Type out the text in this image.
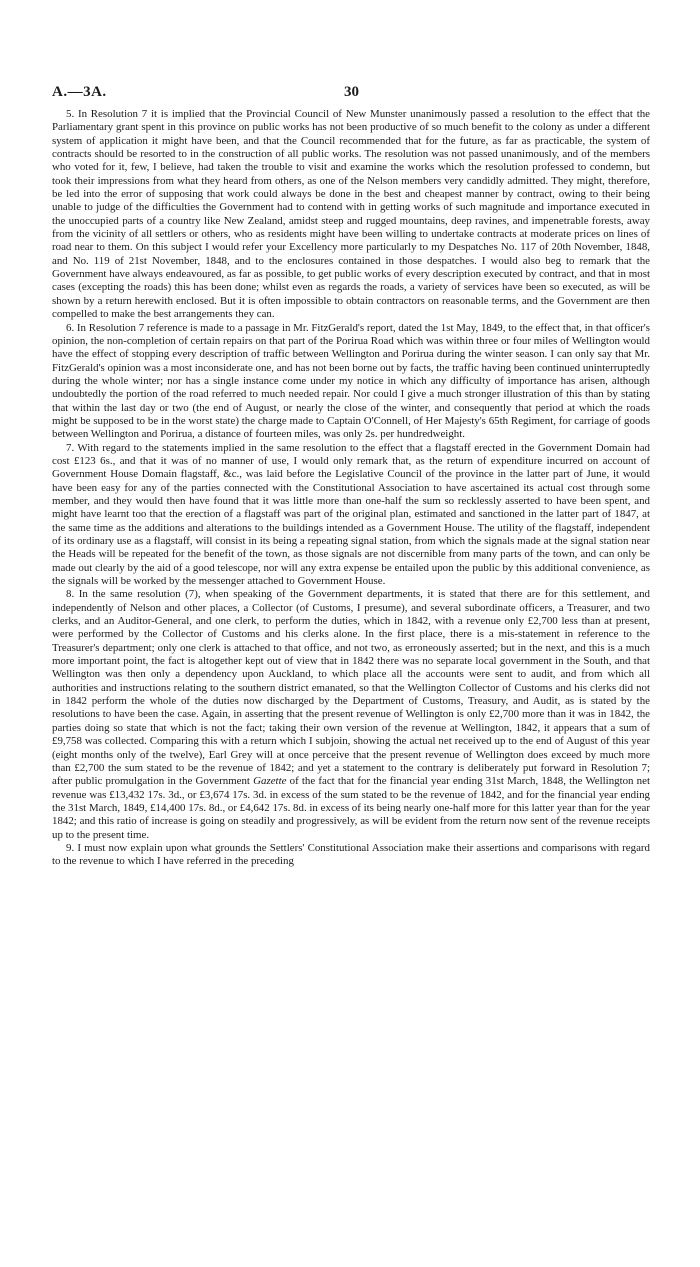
A.—3A.	30

5. In Resolution 7 it is implied that the Provincial Council of New Munster unanimously passed a resolution to the effect that the Parliamentary grant spent in this province on public works has not been productive of so much benefit to the colony as under a different system of application it might have been, and that the Council recommended that for the future, as far as practicable, the system of contracts should be resorted to in the construction of all public works. The resolution was not passed unanimously, and of the members who voted for it, few, I believe, had taken the trouble to visit and examine the works which the resolution professed to condemn, but took their impressions from what they heard from others, as one of the Nelson members very candidly admitted. They might, therefore, be led into the error of supposing that work could always be done in the best and cheapest manner by contract, owing to their being unable to judge of the difficulties the Government had to contend with in getting works of such magnitude and importance executed in the unoccupied parts of a country like New Zealand, amidst steep and rugged mountains, deep ravines, and impenetrable forests, away from the vicinity of all settlers or others, who as residents might have been willing to undertake contracts at moderate prices on lines of road near to them. On this subject I would refer your Excellency more particularly to my Despatches No. 117 of 20th November, 1848, and No. 119 of 21st November, 1848, and to the enclosures contained in those despatches. I would also beg to remark that the Government have always endeavoured, as far as possible, to get public works of every description executed by contract, and that in most cases (excepting the roads) this has been done; whilst even as regards the roads, a variety of services have been so executed, as will be shown by a return herewith enclosed. But it is often impossible to obtain contractors on reasonable terms, and the Government are then compelled to make the best arrangements they can.

6. In Resolution 7 reference is made to a passage in Mr. FitzGerald's report, dated the 1st May, 1849, to the effect that, in that officer's opinion, the non-completion of certain repairs on that part of the Porirua Road which was within three or four miles of Wellington would have the effect of stopping every description of traffic between Wellington and Porirua during the winter season. I can only say that Mr. FitzGerald's opinion was a most inconsiderate one, and has not been borne out by facts, the traffic having been continued uninterruptedly during the whole winter; nor has a single instance come under my notice in which any difficulty of importance has arisen, although undoubtedly the portion of the road referred to much needed repair. Nor could I give a much stronger illustration of this than by stating that within the last day or two (the end of August, or nearly the close of the winter, and consequently that period at which the roads might be supposed to be in the worst state) the charge made to Captain O'Connell, of Her Majesty's 65th Regiment, for carriage of goods between Wellington and Porirua, a distance of fourteen miles, was only 2s. per hundredweight.

7. With regard to the statements implied in the same resolution to the effect that a flagstaff erected in the Government Domain had cost £123 6s., and that it was of no manner of use, I would only remark that, as the return of expenditure incurred on account of Government House Domain flagstaff, &c., was laid before the Legislative Council of the province in the latter part of June, it would have been easy for any of the parties connected with the Constitutional Association to have ascertained its actual cost through some member, and they would then have found that it was little more than one-half the sum so recklessly asserted to have been spent, and might have learnt too that the erection of a flagstaff was part of the original plan, estimated and sanctioned in the latter part of 1847, at the same time as the additions and alterations to the buildings intended as a Government House. The utility of the flagstaff, independent of its ordinary use as a flagstaff, will consist in its being a repeating signal station, from which the signals made at the signal station near the Heads will be repeated for the benefit of the town, as those signals are not discernible from many parts of the town, and can only be made out clearly by the aid of a good telescope, nor will any extra expense be entailed upon the public by this additional convenience, as the signals will be worked by the messenger attached to Government House.

8. In the same resolution (7), when speaking of the Government departments, it is stated that there are for this settlement, and independently of Nelson and other places, a Collector (of Customs, I presume), and several subordinate officers, a Treasurer, and two clerks, and an Auditor-General, and one clerk, to perform the duties, which in 1842, with a revenue only £2,700 less than at present, were performed by the Collector of Customs and his clerks alone. In the first place, there is a mis-statement in reference to the Treasurer's department; only one clerk is attached to that office, and not two, as erroneously asserted; but in the next, and this is a much more important point, the fact is altogether kept out of view that in 1842 there was no separate local government in the South, and that Wellington was then only a dependency upon Auckland, to which place all the accounts were sent to audit, and from which all authorities and instructions relating to the southern district emanated, so that the Wellington Collector of Customs and his clerks did not in 1842 perform the whole of the duties now discharged by the Department of Customs, Treasury, and Audit, as is stated by the resolutions to have been the case. Again, in asserting that the present revenue of Wellington is only £2,700 more than it was in 1842, the parties doing so state that which is not the fact; taking their own version of the revenue at Wellington, 1842, it appears that a sum of £9,758 was collected. Comparing this with a return which I subjoin, showing the actual net received up to the end of August of this year (eight months only of the twelve), Earl Grey will at once perceive that the present revenue of Wellington does exceed by much more than £2,700 the sum stated to be the revenue of 1842; and yet a statement to the contrary is deliberately put forward in Resolution 7; after public promulgation in the Government Gazette of the fact that for the financial year ending 31st March, 1848, the Wellington net revenue was £13,432 17s. 3d., or £3,674 17s. 3d. in excess of the sum stated to be the revenue of 1842, and for the financial year ending the 31st March, 1849, £14,400 17s. 8d., or £4,642 17s. 8d. in excess of its being nearly one-half more for this latter year than for the year 1842; and this ratio of increase is going on steadily and progressively, as will be evident from the return now sent of the revenue receipts up to the present time.

9. I must now explain upon what grounds the Settlers' Constitutional Association make their assertions and comparisons with regard to the revenue to which I have referred in the preceding
